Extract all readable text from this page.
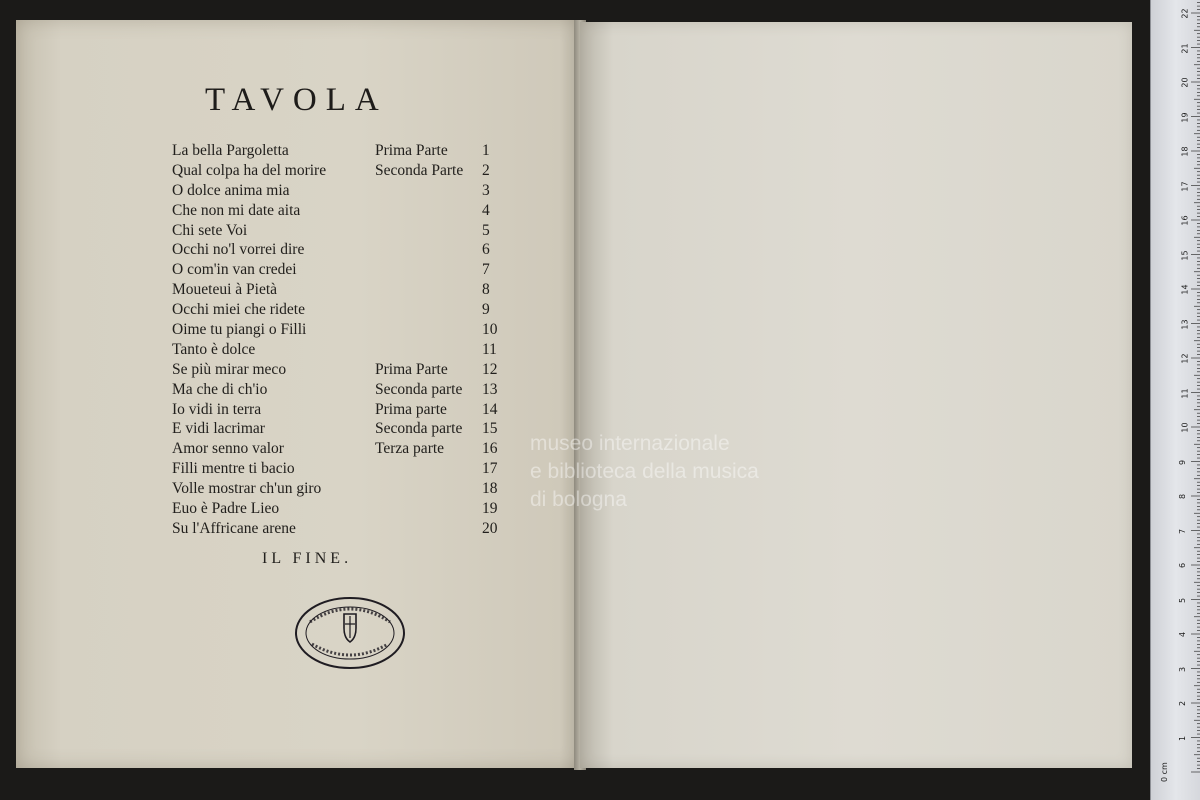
TAVOLA
La bella Pargoletta	Prima Parte 1
Qual colpa ha del morire	Seconda Parte 2
O dolce anima mia	3
Che non mi date aita	4
Chi sete Voi	5
Occhi no'l vorrei dire	6
O com'in van credei	7
Moueteui à Pietà	8
Occhi miei che ridete	9
Oime tu piangi o Filli	10
Tanto è dolce	11
Se più mirar meco	Prima Parte 12
Ma che di ch'io	Seconda parte 13
Io vidi in terra	Prima parte 14
E vidi lacrimar	Seconda parte 15
Amor senno valor	Terza parte 16
Filli mentre ti bacio	17
Volle mostrar ch'un giro	18
Euo è Padre Lieo	19
Su l'Affricane arene	20
IL FINE.
museo internazionale
e biblioteca della musica
di bologna
0 cm
1
2
3
4
5
6
7
8
9
10
11
12
13
14
15
16
17
18
19
20
21
22
